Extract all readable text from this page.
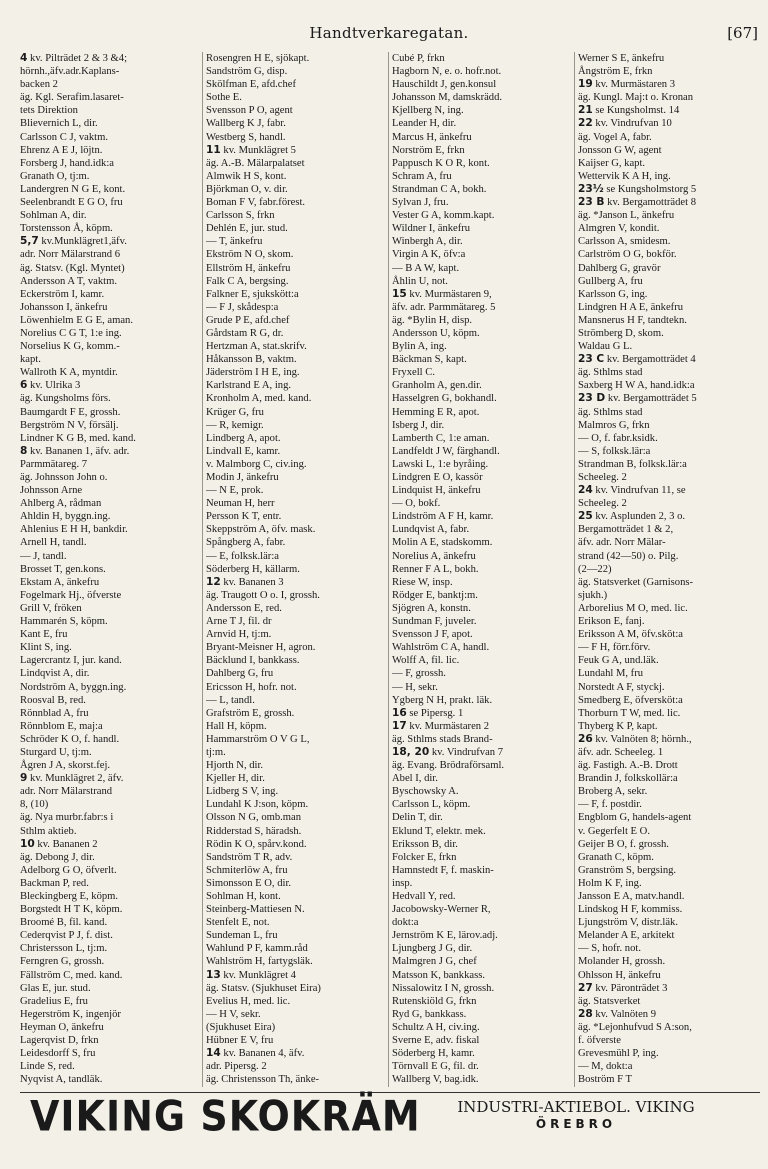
Handtverkaregatan.	[67]
4 kv. Pilträdet 2 & 3 &4;
hörnh.,äfv.adr.Kaplans-
backen 2
äg. Kgl. Serafim.lasaret-
tets Direktion
Blievernich L, dir.
Carlsson C J, vaktm.
Ehrenz A E J, löjtn.
Forsberg J, hand.idk:a
Granath O, tj:m.
Landergren N G E, kont.
Seelenbrandt E G O, fru
Sohlman A, dir.
Torstensson Å, köpm.
5,7 kv.Munklägret1,äfv.
adr. Norr Mälarstrand 6
äg. Statsv. (Kgl. Myntet)
Andersson A T, vaktm.
Eckerström I, kamr.
Johansson I, änkefru
Löwenhielm E G E, aman.
Norelius C G T, 1:e ing.
Norselius K G, komm.-
kapt.
Wallroth K A, myntdir.
6 kv. Ulrika 3
äg. Kungsholms förs.
Baumgardt F E, grossh.
Bergström N V, försälj.
Lindner K G B, med. kand.
8 kv. Bananen 1, äfv. adr.
Parmmätareg. 7
äg. Johnsson John o.
Johnsson Arne
Ahlberg A, rådman
Ahldin H, byggn.ing.
Ahlenius E H H, bankdir.
Arnell H, tandl.
— J, tandl.
Brosset T, gen.kons.
Ekstam A, änkefru
Fogelmark Hj., öfverste
Grill V, fröken
Hammarén S, köpm.
Kant E, fru
Klint S, ing.
Lagercrantz I, jur. kand.
Lindqvist A, dir.
Nordström A, byggn.ing.
Roosval B, red.
Rönnblad A, fru
Rönnblom E, maj:a
Schröder K O, f. handl.
Sturgard U, tj:m.
Ågren J A, skorst.fej.
9 kv. Munklägret 2, äfv.
adr. Norr Mälarstrand
8, (10)
äg. Nya murbr.fabr:s i
Sthlm aktieb.
10 kv. Bananen 2
äg. Debong J, dir.
Adelborg G O, öfverlt.
Backman P, red.
Bleckingberg E, köpm.
Borgstedt H T K, köpm.
Broomé B, fil. kand.
Cederqvist P J, f. dist.
Christersson L, tj:m.
Ferngren G, grossh.
Fällström C, med. kand.
Glas E, jur. stud.
Gradelius E, fru
Hegerström K, ingenjör
Heyman O, änkefru
Lagerqvist D, frkn
Leidesdorff S, fru
Linde S, red.
Nyqvist A, tandläk.
Rosengren H E, sjökapt.
Sandström G, disp.
Skölfman E, afd.chef
Sothe E.
Svensson P O, agent
Wallberg K J, fabr.
Westberg S, handl.
11 kv. Munklägret 5
äg. A.-B. Mälarpalatset
Almwik H S, kont.
Björkman O, v. dir.
Boman F V, fabr.förest.
Carlsson S, frkn
Dehlén E, jur. stud.
— T, änkefru
Ekström N O, skom.
Ellström H, änkefru
Falk C A, bergsing.
Falkner E, sjukskött:a
— F J, skådesp:a
Grude P E, afd.chef
Gårdstam R G, dr.
Hertzman A, stat.skrifv.
Håkansson B, vaktm.
Jäderström I H E, ing.
Karlstrand E A, ing.
Kronholm A, med. kand.
Krüger G, fru
— R, kemigr.
Lindberg A, apot.
Lindvall E, kamr.
v. Malmborg C, civ.ing.
Modin J, änkefru
— N E, prok.
Neuman H, herr
Persson K T, entr.
Skeppström A, öfv. mask.
Spångberg A, fabr.
— E, folksk.lär:a
Söderberg H, källarm.
12 kv. Bananen 3
äg. Traugott O o. I, grossh.
Andersson E, red.
Arne T J, fil. dr
Arnvid H, tj:m.
Bryant-Meisner H, agron.
Bäcklund I, bankkass.
Dahlberg G, fru
Ericsson H, hofr. not.
— L, tandl.
Grafström E, grossh.
Hall H, köpm.
Hammarström O V G L,
tj:m.
Hjorth N, dir.
Kjeller H, dir.
Lidberg S V, ing.
Lundahl K J:son, köpm.
Olsson N G, omb.man
Ridderstad S, häradsh.
Rödin K O, spårv.kond.
Sandström T R, adv.
Schmiterlöw A, fru
Simonsson E O, dir.
Sohlman H, kont.
Steinberg-Mattiesen N.
Stenfelt E, not.
Sundeman L, fru
Wahlund P F, kamm.råd
Wahlström H, fartygsläk.
13 kv. Munklägret 4
äg. Statsv. (Sjukhuset Eira)
Evelius H, med. lic.
— H V, sekr.
(Sjukhuset Eira)
Hübner E V, fru
14 kv. Bananen 4, äfv.
adr. Pipersg. 2
äg. Christensson Th, änke-
Cubé P, frkn
Hagborn N, e. o. hofr.not.
Hauschildt J, gen.konsul
Johansson M, damskrädd.
Kjellberg N, ing.
Leander H, dir.
Marcus H, änkefru
Norström E, frkn
Pappusch K O R, kont.
Schram A, fru
Strandman C A, bokh.
Sylvan J, fru.
Vester G A, komm.kapt.
Wildner I, änkefru
Winbergh A, dir.
Virgin A K, öfv:a
— B A W, kapt.
Åhlin U, not.
15 kv. Murmästaren 9,
äfv. adr. Parmmätareg. 5
äg. *Bylin H, disp.
Andersson U, köpm.
Bylin A, ing.
Bäckman S, kapt.
Fryxell C.
Granholm A, gen.dir.
Hasselgren G, bokhandl.
Hemming E R, apot.
Isberg J, dir.
Lamberth C, 1:e aman.
Landfeldt J W, färghandl.
Lawski L, 1:e byråing.
Lindgren E O, kassör
Lindquist H, änkefru
— O, bokf.
Lindström A F H, kamr.
Lundqvist A, fabr.
Molin A E, stadskomm.
Norelius A, änkefru
Renner F A L, bokh.
Riese W, insp.
Rödger E, banktj:m.
Sjögren A, konstn.
Sundman F, juveler.
Svensson J F, apot.
Wahlström C A, handl.
Wolff A, fil. lic.
— F, grossh.
— H, sekr.
Ygberg N H, prakt. läk.
16 se Pipersg. 1
17 kv. Murmästaren 2
äg. Sthlms stads Brand-
18, 20 kv. Vindrufvan 7
äg. Evang. Brödraförsaml.
Abel I, dir.
Byschowsky A.
Carlsson L, köpm.
Delin T, dir.
Eklund T, elektr. mek.
Eriksson B, dir.
Folcker E, frkn
Hamnstedt F, f. maskin-
insp.
Hedvall Y, red.
Jacobowsky-Werner R,
dokt:a
Jernström K E, lärov.adj.
Ljungberg J G, dir.
Malmgren J G, chef
Matsson K, bankkass.
Nissalowitz I N, grossh.
Rutenskiöld G, frkn
Ryd G, bankkass.
Schultz A H, civ.ing.
Sverne E, adv. fiskal
Söderberg H, kamr.
Törnvall E G, fil. dr.
Wallberg V, bag.idk.
Werner S E, änkefru
Ångström E, frkn
19 kv. Murmästaren 3
äg. Kungl. Maj:t o. Kronan
21 se Kungsholmst. 14
22 kv. Vindrufvan 10
äg. Vogel A, fabr.
Jonsson G W, agent
Kaijser G, kapt.
Wettervik K A H, ing.
23½ se Kungsholmstorg 5
23 B kv. Bergamotträdet 8
äg. *Janson L, änkefru
Almgren V, kondit.
Carlsson A, smidesm.
Carlström O G, bokför.
Dahlberg G, gravör
Gullberg A, fru
Karlsson G, ing.
Lindgren H A E, änkefru
Mansnerus H F, tandtekn.
Strömberg D, skom.
Waldau G L.
23 C kv. Bergamotträdet 4
äg. Sthlms stad
Saxberg H W A, hand.idk:a
23 D kv. Bergamotträdet 5
äg. Sthlms stad
Malmros G, frkn
— O, f. fabr.ksidk.
— S, folksk.lär:a
Strandman B, folksk.lär:a
Scheeleg. 2
24 kv. Vindrufvan 11, se
Scheeleg. 2
25 kv. Asplunden 2, 3 o.
Bergamotträdet 1 & 2,
äfv. adr. Norr Mälar-
strand (42—50) o. Pilg.
(2—22)
äg. Statsverket (Garnisons-
sjukh.)
Arborelius M O, med. lic.
Erikson E, fanj.
Eriksson A M, öfv.sköt:a
— F H, förr.förv.
Feuk G A, und.läk.
Lundahl M, fru
Norstedt A F, styckj.
Smedberg E, öfversköt:a
Thorburn T W, med. lic.
Thyberg K P, kapt.
26 kv. Valnöten 8; hörnh.,
äfv. adr. Scheeleg. 1
äg. Fastigh. A.-B. Drott
Brandin J, folkskollär:a
Broberg A, sekr.
— F, f. postdir.
Engblom G, handels-agent
v. Gegerfelt E O.
Geijer B O, f. grossh.
Granath C, köpm.
Granström S, bergsing.
Holm K F, ing.
Jansson E A, matv.handl.
Lindskog H F, kommiss.
Ljungström V, distr.läk.
Melander A E, arkitekt
— S, hofr. not.
Molander H, grossh.
Ohlsson H, änkefru
27 kv. Päronträdet 3
äg. Statsverket
28 kv. Valnöten 9
äg. *Lejonhufvud S A:son,
f. öfverste
Grevesmühl P, ing.
— M, dokt:a
Boström F T
VIKING SKOKRÄM	INDUSTRI-AKTIEBOL. VIKING
ÖREBRO
